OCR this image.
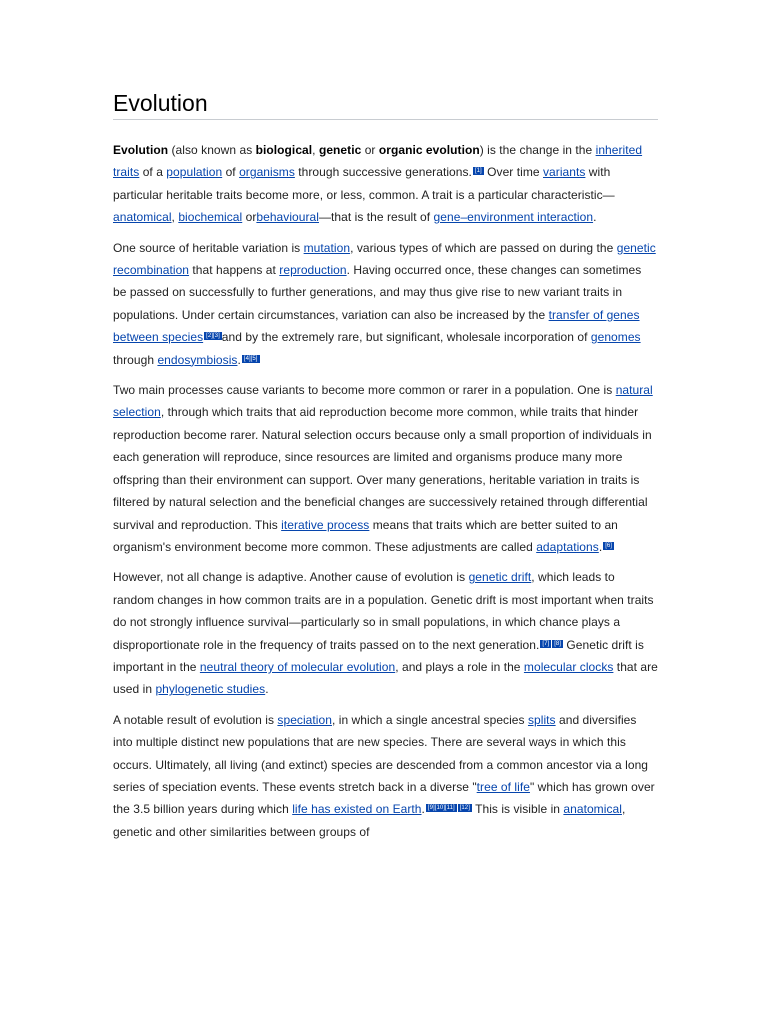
Evolution

Evolution (also known as biological, genetic or organic evolution) is the change in the inherited traits of a population of organisms through successive generations. [1] Over time variants with particular heritable traits become more, or less, common. A trait is a particular characteristic—anatomical, biochemical orbehavioural—that is the result of gene–environment interaction.

One source of heritable variation is mutation, various types of which are passed on during the genetic recombination that happens at reproduction. Having occurred once, these changes can sometimes be passed on successfully to further generations, and may thus give rise to new variant traits in populations. Under certain circumstances, variation can also be increased by the transfer of genes between species [2][3] and by the extremely rare, but significant, wholesale incorporation of genomes through endosymbiosis. [4][5]

Two main processes cause variants to become more common or rarer in a population. One is natural selection, through which traits that aid reproduction become more common, while traits that hinder reproduction become rarer. Natural selection occurs because only a small proportion of individuals in each generation will reproduce, since resources are limited and organisms produce many more offspring than their environment can support. Over many generations, heritable variation in traits is filtered by natural selection and the beneficial changes are successively retained through differential survival and reproduction. This iterative process means that traits which are better suited to an organism's environment become more common. These adjustments are called adaptations. [6]

However, not all change is adaptive. Another cause of evolution is genetic drift, which leads to random changes in how common traits are in a population. Genetic drift is most important when traits do not strongly influence survival—particularly so in small populations, in which chance plays a disproportionate role in the frequency of traits passed on to the next generation. [7] [8] Genetic drift is important in the neutral theory of molecular evolution, and plays a role in the molecular clocks that are used in phylogenetic studies.

A notable result of evolution is speciation, in which a single ancestral species splits and diversifies into multiple distinct new populations that are new species. There are several ways in which this occurs. Ultimately, all living (and extinct) species are descended from a common ancestor via a long series of speciation events. These events stretch back in a diverse "tree of life" which has grown over the 3.5 billion years during which life has existed on Earth. [9][10][11] [12] This is visible in anatomical, genetic and other similarities between groups of
